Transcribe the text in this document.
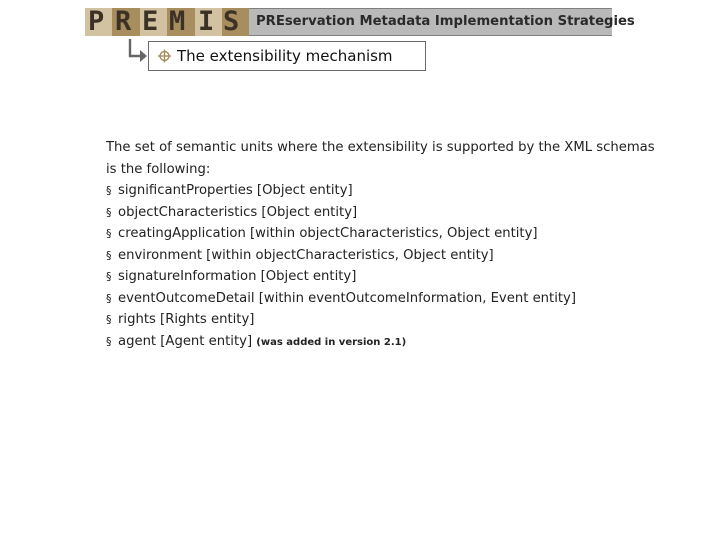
P R E M I S PREservation Metadata Implementation Strategies
The extensibility mechanism

The set of semantic units where the extensibility is supported by the XML schemas is the following:

§ significantProperties [Object entity]
§ objectCharacteristics [Object entity]
§ creatingApplication [within objectCharacteristics, Object entity]
§ environment [within objectCharacteristics, Object entity]
§ signatureInformation [Object entity]
§ eventOutcomeDetail [within eventOutcomeInformation, Event entity]
§ rights [Rights entity]
§ agent [Agent entity] (was added in version 2.1)
